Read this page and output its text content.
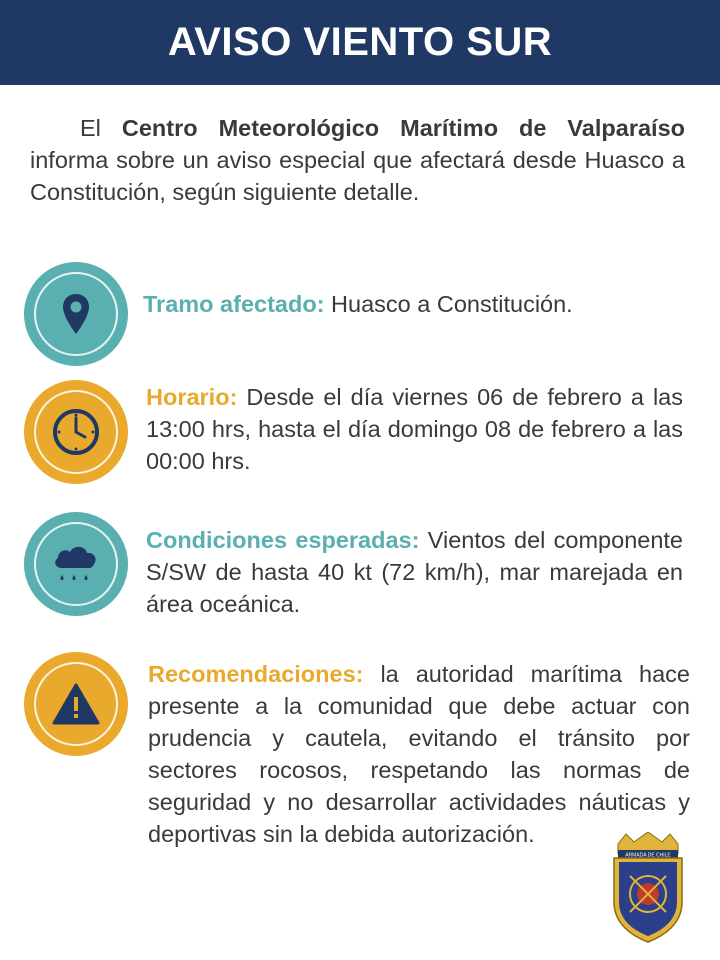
AVISO VIENTO SUR
El Centro Meteorológico Marítimo de Valparaíso informa sobre un aviso especial que afectará desde Huasco a Constitución, según siguiente detalle.
Tramo afectado: Huasco a Constitución.
Horario: Desde el día viernes 06 de febrero a las 13:00 hrs, hasta el día domingo 08 de febrero a las 00:00 hrs.
Condiciones esperadas: Vientos del componente S/SW de hasta 40 kt (72 km/h), mar marejada en área oceánica.
Recomendaciones: la autoridad marítima hace presente a la comunidad que debe actuar con prudencia y cautela, evitando el tránsito por sectores rocosos, respetando las normas de seguridad y no desarrollar actividades náuticas y deportivas sin la debida autorización.
ARMADA DE CHILE
